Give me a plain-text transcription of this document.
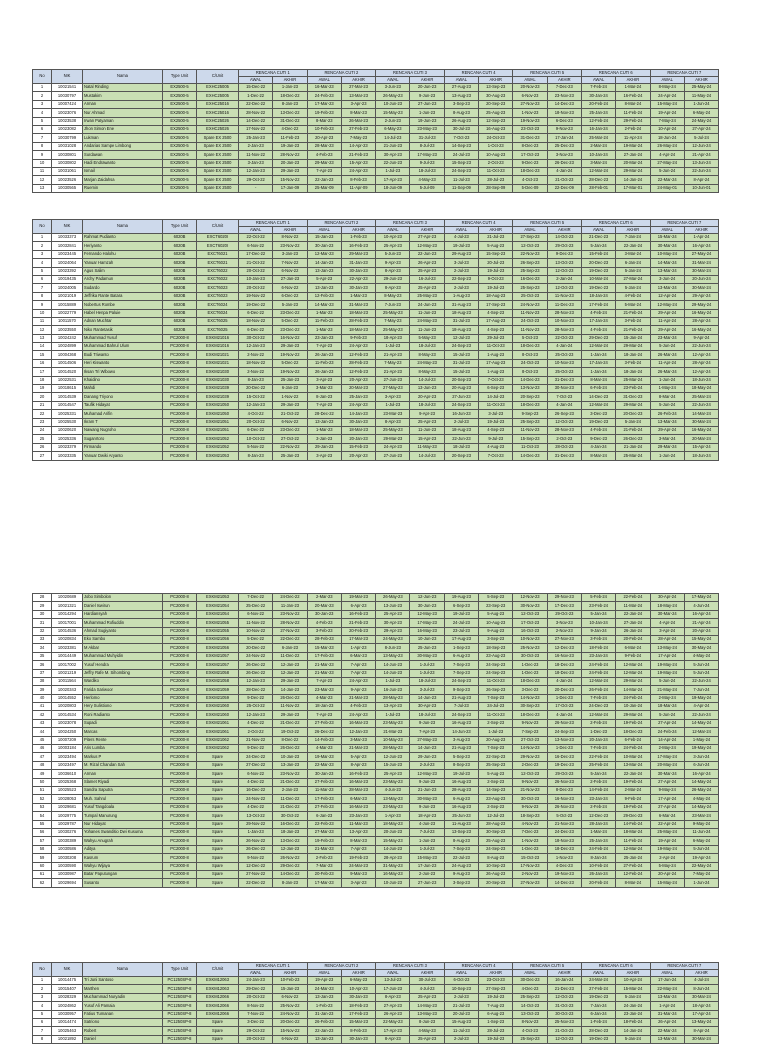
No	NIK	Nama	Type Unit	C/Unit	RENCANA CUTI 1		RENCANA CUTI 2		RENCANA CUTI 3		RENCANA CUTI 4		RENCANA CUTI 5		RENCANA CUTI 6		RENCANA CUTI 7	
					AWAL	AKHIR	AWAL	AKHIR	AWAL	AKHIR	AWAL	AKHIR	AWAL	AKHIR	AWAL	AKHIR	AWAL	AKHIR
1	10021541	Natal Rinding	EX2500-5	EXHC25005	15-Dec-22	1-Jan-23	16-Mar-23	27-Mar-23	3-Jun-23	20-Jun-23	27-Aug-23	13-Sep-23	20-Nov-23	7-Dec-23	7-Feb-24	1-Mar-24	8-May-24	25-May-24
2	10030797	Mustakim	EX2500-5	EXHC25005	1-Dec-22	18-Dec-22	24-Feb-23	13-Mar-23	26-May-23	9-Jun-23	13-Aug-23	30-Aug-23	6-Nov-23	23-Nov-23	30-Jan-24	16-Feb-24	24-Apr-24	11-May-24
3	10007424	Arman	EX2500-5	EXHC25016	22-Dec-22	8-Jan-23	17-Mar-23	3-Apr-23	10-Jun-23	27-Jun-23	3-Sep-23	20-Sep-23	27-Nov-23	14-Dec-23	20-Feb-24	8-Mar-24	15-May-24	1-Jun-24
4	10023076	Nur Ahmad	EX2500-5	EXHC25016	28-Nov-22	13-Dec-22	19-Feb-23	8-Mar-23	15-May-23	1-Jun-23	8-Aug-23	25-Aug-23	1-Nov-23	18-Nov-23	25-Jan-24	11-Feb-24	19-Apr-24	6-May-24
5	10023538	Irwan Patyaman	EX2500-5	EXHC25026	14-Dec-22	31-Dec-22	8-Mar-23	26-Mar-23	2-Jun-23	19-Jun-23	26-Aug-23	12-Sep-23	19-Nov-23	6-Dec-23	12-Feb-24	29-Feb-24	7-May-24	24-May-24
6	10023082	Jhon Simon Ene	EX2500-5	EXHC25026	17-Nov-22	4-Dec-22	10-Feb-23	27-Feb-23	6-May-23	23-May-23	30-Jul-23	16-Aug-23	23-Oct-23	9-Nov-23	16-Jan-24	2-Feb-24	10-Apr-24	27-Apr-24
7	10030799	Lukman	EX2500-5	Spare EX 2500	25-Jan-23	11-Feb-23	20-Apr-23	7-May-23	14-Jul-23	31-Jul-23	7-Oct-23	24-Oct-23	31-Dec-23	17-Jan-24	25-Mar-24	11-Apr-24	18-Jun-24	5-Jul-24
8	10031028	Andarias Sampe Limbong	EX2500-5	Spare EX 2500	2-Jan-23	19-Jan-23	28-Mar-23	14-Apr-23	21-Jun-23	8-Jul-23	14-Sep-23	1-Oct-23	8-Dec-23	25-Dec-23	2-Mar-24	19-Mar-24	26-May-24	12-Jun-24
9	10030801	Surdawan	EX2500-5	Spare EX 2500	11-Nov-22	28-Nov-22	4-Feb-23	21-Feb-23	30-Apr-23	17-May-23	24-Jul-23	10-Aug-23	17-Oct-23	3-Nov-23	10-Jan-24	27-Jan-24	4-Apr-24	21-Apr-24
10	10030802	Hadi Endrawanto	EX2500-5	Spare EX 2500	3-Jan-23	20-Jan-23	29-Mar-23	15-Apr-23	22-Jun-23	9-Jul-23	15-Sep-23	2-Oct-23	9-Dec-23	26-Dec-23	3-Mar-24	20-Mar-24	27-May-24	13-Jun-24
11	10031061	Ismail	EX2500-5	Spare EX 2500	12-Jan-23	29-Jan-23	7-Apr-23	24-Apr-23	1-Jul-23	18-Jul-23	24-Sep-23	11-Oct-23	18-Dec-23	4-Jan-24	12-Mar-24	29-Mar-24	5-Jun-24	22-Jun-24
12	10023526	Marjan Zaidahsa	EX2500-5	Spare EX 2500	29-Oct-22	15-Nov-22	22-Jan-23	8-Feb-23	17-Apr-23	4-May-23	11-Jul-23	28-Jul-23	4-Oct-23	21-Oct-23	28-Dec-23	14-Jan-24	22-Mar-24	8-Apr-24
13	10030565	Ruemin	EX2500-5	Spare EX 2500	-	17-Jan-09	25-Mar-09	11-Apr-09	18-Jun-09	5-Jul-09	11-Sep-09	28-Sep-09	5-Dec-09	22-Dec-09	28-Feb-01	17-Mar-01	24-May-01	10-Jun-01
No	NIK	Nama	Type Unit	C/Unit	RENCANA CUTI 1		RENCANA CUTI 2		RENCANA CUTI 3		RENCANA CUTI 4		RENCANA CUTI 5		RENCANA CUTI 6		RENCANA CUTI 7	
					AWAL	AKHIR	AWAL	AKHIR	AWAL	AKHIR	AWAL	AKHIR	AWAL	AKHIR	AWAL	AKHIR	AWAL	AKHIR
1	10033373	Rahmat Pudianto	6020B	EXCT6020I	22-Oct-22	8-Nov-22	15-Jan-23	1-Feb-23	10-Apr-23	27-Apr-23	4-Jul-23	21-Jul-23	27-Sep-23	14-Oct-23	21-Dec-23	7-Jan-24	15-Mar-24	1-Apr-24
2	10032841	Heriyanto	6020B	EXCT6020I	6-Nov-22	23-Nov-22	30-Jan-23	16-Feb-23	25-Apr-23	12-May-23	19-Jul-23	5-Aug-23	12-Oct-23	29-Oct-23	5-Jan-24	22-Jan-24	30-Mar-24	16-Apr-24
3	10023445	Fernando Halohu	6020B	EXCT6021	17-Dec-22	3-Jan-23	12-Mar-23	29-Mar-23	5-Jun-23	22-Jun-23	29-Aug-23	15-Sep-23	22-Nov-23	9-Dec-23	15-Feb-24	3-Mar-24	10-May-24	27-May-24
4	10024064	Yanuar Hamzah	6020B	EXCT6021	21-Oct-22	7-Nov-22	14-Jan-23	31-Jan-23	9-Apr-23	26-Apr-23	3-Jul-23	20-Jul-23	26-Sep-23	13-Oct-23	20-Dec-23	6-Jan-24	14-Mar-24	31-Mar-24
5	10023392	Agus Salim	6020B	EXCT6022	20-Oct-22	6-Nov-22	13-Jan-23	30-Jan-23	8-Apr-23	25-Apr-23	2-Jul-23	19-Jul-23	25-Sep-23	12-Oct-23	19-Dec-23	5-Jan-24	13-Mar-24	30-Mar-24
6	10019435	Archy Padamun	6020B	EXCT6022	10-Jan-23	27-Jan-23	5-Apr-23	22-Apr-23	29-Jun-23	16-Jul-23	22-Sep-23	9-Oct-23	16-Dec-23	2-Jan-24	10-Mar-24	27-Mar-24	3-Jun-24	20-Jun-24
7	10024005	Sudardo	6020B	EXCT6023	20-Oct-22	6-Nov-22	13-Jan-23	30-Jan-23	8-Apr-23	25-Apr-23	2-Jul-23	19-Jul-23	25-Sep-23	12-Oct-23	19-Dec-23	5-Jan-24	13-Mar-24	30-Mar-24
8	10021019	Jeffrika Rante Batara	6020B	EXCT6023	19-Nov-22	6-Dec-22	12-Feb-23	1-Mar-23	8-May-23	25-May-23	1-Aug-23	18-Aug-23	25-Oct-23	11-Nov-23	18-Jan-24	4-Feb-24	12-Apr-24	29-Apr-24
9	10015889	Nobertus Rombe	6020B	EXCT6024	19-Dec-22	5-Jan-23	14-Mar-23	31-Mar-23	7-Jun-23	24-Jun-23	31-Aug-23	17-Sep-23	24-Nov-23	11-Dec-23	17-Feb-24	5-Mar-24	12-May-24	29-May-24
10	10022779	Habel Henpa Paluie	6020B	EXCT6024	6-Dec-22	23-Dec-22	1-Mar-23	18-Mar-23	25-May-23	11-Jun-23	18-Aug-23	4-Sep-23	11-Nov-23	28-Nov-23	4-Feb-24	21-Feb-24	29-Apr-24	16-May-24
11	10011570	Adnan Muchtar	6020B	EXCT6025	18-Nov-22	5-Dec-22	11-Feb-23	28-Feb-23	7-May-23	24-May-23	31-Jul-23	17-Aug-23	24-Oct-23	10-Nov-23	17-Jan-24	3-Feb-24	11-Apr-24	28-Apr-24
12	10023550	Niko Rantetasik	6020B	EXCT6025	6-Dec-22	23-Dec-22	1-Mar-23	18-Mar-23	25-May-23	11-Jun-23	18-Aug-23	4-Sep-23	11-Nov-23	28-Nov-23	4-Feb-24	21-Feb-24	29-Apr-24	16-May-24
13	10024242	Muhammad Yusuf	PC2000-8	EXKM21016	30-Oct-22	16-Nov-22	23-Jan-23	9-Feb-23	18-Apr-23	5-May-23	12-Jul-23	29-Jul-23	5-Oct-23	22-Oct-23	29-Dec-23	15-Jan-24	23-Mar-24	9-Apr-24
14	10024899	Muhammad Bahrul Ulum	PC2000-8	EXKM21016	12-Jan-23	29-Jan-23	7-Apr-23	24-Apr-23	1-Jul-23	18-Jul-23	24-Sep-23	11-Oct-23	18-Dec-23	4-Jan-24	12-Mar-24	29-Mar-24	5-Jun-24	22-Jun-24
15	10004368	Budi Triwanto	PC2000-8	EXKM21021	2-Nov-22	19-Nov-22	26-Jan-23	12-Feb-23	21-Apr-23	8-May-23	15-Jul-23	1-Aug-23	8-Oct-23	25-Oct-23	1-Jan-24	18-Jan-24	26-Mar-24	12-Apr-24
16	10014506	Heri Kiswanto	PC2000-8	EXKM21021	18-Nov-22	5-Dec-22	11-Feb-23	28-Feb-23	7-May-23	24-May-23	31-Jul-23	17-Aug-23	24-Oct-23	10-Nov-23	17-Jan-24	3-Feb-24	11-Apr-24	28-Apr-24
17	10014520	Iksan Tri Wibowo	PC2000-8	EXKM21030	2-Nov-22	19-Nov-22	26-Jan-23	12-Feb-23	21-Apr-23	8-May-23	15-Jul-23	1-Aug-23	8-Oct-23	25-Oct-23	1-Jan-24	18-Jan-24	26-Mar-24	12-Apr-24
18	10022531	Khaidino	PC2000-8	EXKM21030	8-Jan-23	25-Jan-23	3-Apr-23	20-Apr-23	27-Jun-23	14-Jul-23	20-Sep-23	7-Oct-23	14-Dec-23	31-Dec-23	8-Mar-24	25-Mar-24	1-Jun-24	18-Jun-24
19	10018615	Mahdi	PC2000-8	EXKM21039	20-Dec-22	6-Jan-23	3-Mar-23	20-Mar-23	27-May-23	13-Jun-23	20-Aug-23	6-Sep-23	13-Nov-23	30-Nov-23	6-Feb-24	23-Feb-24	1-May-24	18-May-24
20	10014539	Danang Triyono	PC2000-8	EXKM21039	15-Oct-22	1-Nov-22	8-Jan-23	25-Jan-23	3-Apr-23	20-Apr-23	27-Jun-23	14-Jul-23	20-Sep-23	7-Oct-23	14-Dec-23	31-Dec-23	8-Mar-24	25-Mar-24
21	10014547	Taufik Hidayat	PC2000-8	EXKM21050	12-Jan-23	29-Jan-23	7-Apr-23	24-Apr-23	1-Jul-23	18-Jul-23	24-Sep-23	11-Oct-23	18-Dec-23	4-Jan-24	12-Mar-24	29-Mar-24	5-Jun-24	22-Jun-24
22	10025331	Muhamad Arifin	PC2000-8	EXKM21050	4-Oct-22	21-Oct-22	28-Dec-22	14-Jan-23	23-Mar-23	9-Apr-23	16-Jun-23	3-Jul-23	9-Sep-23	26-Sep-23	3-Dec-23	20-Dec-23	26-Feb-24	14-Mar-24
23	10025530	Ikram T	PC2000-8	EXKM21051	20-Oct-22	6-Nov-22	13-Jan-23	30-Jan-23	8-Apr-23	25-Apr-23	2-Jul-23	19-Jul-23	25-Sep-23	12-Oct-23	19-Dec-23	5-Jan-24	13-Mar-24	30-Mar-24
24	10020620	Nawang Nugroho	PC2000-8	EXKM21051	6-Dec-22	23-Dec-22	1-Mar-23	18-Mar-23	25-May-23	11-Jun-23	18-Aug-23	4-Sep-23	11-Nov-23	28-Nov-23	4-Feb-24	21-Feb-24	29-Apr-24	16-May-24
25	10025336	Suganrtoro	PC2000-8	EXKM21052	10-Oct-22	27-Oct-22	3-Jan-23	20-Jan-23	29-Mar-23	15-Apr-23	22-Jun-23	9-Jul-23	15-Sep-23	2-Oct-23	9-Dec-23	26-Dec-23	3-Mar-24	20-Mar-24
26	10023379	Firmando	PC2000-8	EXKM21052	5-Nov-22	22-Nov-22	29-Jan-23	15-Feb-23	24-Apr-23	11-May-23	18-Jul-23	4-Aug-23	11-Oct-23	28-Oct-23	4-Jan-24	21-Jan-24	29-Mar-24	15-Apr-24
27	10023335	Yanuar Dwiki Aryanto	PC2000-8	EXKM21053	8-Jan-23	25-Jan-23	3-Apr-23	20-Apr-23	27-Jun-23	14-Jul-23	20-Sep-23	7-Oct-23	14-Dec-23	31-Dec-23	8-Mar-24	25-Mar-24	1-Jun-24	18-Jun-24
28	10020689	Jobo Simbolon	PC2000-8	EXKM21053	7-Dec-22	24-Dec-22	2-Mar-23	19-Mar-23	26-May-23	12-Jun-23	19-Aug-23	5-Sep-23	12-Nov-23	29-Nov-23	5-Feb-24	22-Feb-24	30-Apr-24	17-May-24
29	10021321	Daniel Iswirun	PC2000-8	EXKM21054	25-Dec-22	11-Jan-23	20-Mar-23	6-Apr-23	13-Jun-23	30-Jun-23	6-Sep-23	23-Sep-23	30-Nov-23	17-Dec-23	23-Feb-24	11-Mar-24	18-May-24	4-Jun-24
30	10014294	Hardiansyah	PC2000-8	EXKM21054	6-Nov-22	23-Nov-22	30-Jan-23	16-Feb-23	25-Apr-23	12-May-23	19-Jul-23	5-Aug-23	12-Oct-23	29-Oct-23	5-Jan-24	22-Jan-24	30-Mar-24	16-Apr-24
31	10017001	Muhammad Rofiuddin	PC2000-8	EXKM21055	11-Nov-22	28-Nov-22	4-Feb-23	21-Feb-23	30-Apr-23	17-May-23	24-Jul-23	10-Aug-23	17-Oct-23	3-Nov-23	10-Jan-24	27-Jan-24	4-Apr-24	21-Apr-24
32	10014536	Ahmad Sugiyanto	PC2000-8	EXKM21055	10-Nov-22	27-Nov-22	3-Feb-23	20-Feb-23	29-Apr-23	16-May-23	23-Jul-23	9-Aug-23	16-Oct-23	2-Nov-23	9-Jan-24	26-Jan-24	3-Apr-24	20-Apr-24
33	10020834	Eko Sambo	PC2000-8	EXKM21056	5-Dec-22	22-Dec-22	28-Feb-23	17-Mar-23	24-May-23	10-Jun-23	17-Aug-23	3-Sep-23	10-Nov-23	27-Nov-23	3-Feb-24	20-Feb-24	28-Apr-24	15-May-24
34	10023381	M Akbar	PC2000-8	EXKM21056	20-Dec-22	6-Jan-23	15-Mar-23	1-Apr-23	8-Jun-23	25-Jun-23	1-Sep-23	18-Sep-23	25-Nov-23	12-Dec-23	18-Feb-24	6-Mar-24	13-May-24	30-May-24
35	10014449	Muhammad Muhyidin	PC2000-8	EXKM21057	24-Nov-22	11-Dec-22	17-Feb-23	6-Mar-23	13-May-23	30-May-23	6-Aug-23	23-Aug-23	30-Oct-23	16-Nov-23	23-Jan-24	9-Feb-24	17-Apr-24	4-May-24
36	10017002	Yusuf Hendra	PC2000-8	EXKM21057	26-Dec-22	12-Jan-23	21-Mar-23	7-Apr-23	14-Jun-23	1-Jul-23	7-Sep-23	24-Sep-23	1-Dec-23	18-Dec-23	24-Feb-24	12-Mar-24	19-May-24	5-Jun-24
37	10021219	Jeffry Rafe M. Sihombing	PC2000-8	EXKM21058	26-Dec-22	12-Jan-23	21-Mar-23	7-Apr-23	14-Jun-23	1-Jul-23	7-Sep-23	24-Sep-23	1-Dec-23	18-Dec-23	24-Feb-24	12-Mar-24	19-May-24	5-Jun-24
38	10011564	Wardiko	PC2000-8	EXKM21058	12-Jan-23	29-Jan-23	7-Apr-23	24-Apr-23	1-Jul-23	18-Jul-23	24-Sep-23	11-Oct-23	18-Dec-23	4-Jan-24	12-Mar-24	29-Mar-24	5-Jun-24	22-Jun-24
39	10020343	Farida Sariwoor	PC2000-8	EXKM21059	28-Dec-22	14-Jan-23	23-Mar-23	9-Apr-23	16-Jun-23	3-Jul-23	9-Sep-23	26-Sep-23	3-Dec-23	20-Dec-23	26-Feb-24	14-Mar-24	21-May-24	7-Jun-24
40	10014552	Herlomo	PC2000-8	EXKM21059	9-Dec-22	26-Dec-22	4-Mar-23	21-Mar-23	28-May-23	14-Jun-23	21-Aug-23	7-Sep-23	14-Nov-23	1-Dec-23	7-Feb-24	24-Feb-24	2-May-24	19-May-24
41	10020803	Hery Sulistiono	PC2000-8	EXKM21060	25-Oct-22	11-Nov-22	18-Jan-23	4-Feb-23	13-Apr-23	30-Apr-23	7-Jul-23	24-Jul-23	30-Sep-23	17-Oct-23	24-Dec-23	10-Jan-24	18-Mar-24	4-Apr-24
42	10014534	Roni Radianto	PC2000-8	EXKM21060	12-Jan-23	29-Jan-23	7-Apr-23	24-Apr-23	1-Jul-23	18-Jul-23	24-Sep-23	11-Oct-23	18-Dec-23	4-Jan-24	12-Mar-24	29-Mar-24	5-Jun-24	22-Jun-24
43	10023078	Supadi	PC2000-8	EXKM21061	4-Dec-22	21-Dec-22	27-Feb-23	16-Mar-23	23-May-23	9-Jun-23	16-Aug-23	2-Sep-23	9-Nov-23	26-Nov-23	2-Feb-24	19-Feb-24	27-Apr-24	14-May-24
44	10024250	Marcas	PC2000-8	EXKM21061	2-Oct-22	19-Oct-22	26-Dec-22	12-Jan-23	21-Mar-23	7-Apr-23	14-Jun-23	1-Jul-23	7-Sep-23	24-Sep-23	1-Dec-23	18-Dec-23	24-Feb-24	12-Mar-24
45	10007209	Piters Rente	PC2000-8	EXKM21062	21-Nov-22	8-Dec-22	14-Feb-23	3-Mar-23	10-May-23	27-May-23	3-Aug-23	20-Aug-23	27-Oct-23	13-Nov-23	20-Jan-24	6-Feb-24	14-Apr-24	1-May-24
46	10003184	Aris Lumba	PC2000-8	EXKM21062	9-Dec-22	26-Dec-22	4-Mar-23	21-Mar-23	28-May-23	14-Jun-23	21-Aug-23	7-Sep-23	14-Nov-23	1-Dec-23	7-Feb-24	24-Feb-24	2-May-24	19-May-24
47	10023494	Markus P	PC2000-8	Spare	24-Dec-22	10-Jan-23	19-Mar-23	5-Apr-23	12-Jun-23	29-Jun-23	5-Sep-23	22-Sep-23	29-Nov-23	16-Dec-23	22-Feb-24	10-Mar-24	17-May-24	3-Jun-24
48	10023497	M. Rizal Chandan Sah	PC2000-8	Spare	27-Dec-22	13-Jan-23	22-Mar-23	8-Apr-23	15-Jun-23	2-Jul-23	8-Sep-23	25-Sep-23	2-Dec-23	19-Dec-23	25-Feb-24	13-Mar-24	20-May-24	6-Jun-24
49	10036610	Arman	PC2000-8	Spare	6-Nov-22	23-Nov-22	30-Jan-23	16-Feb-23	25-Apr-23	12-May-23	19-Jul-23	5-Aug-23	12-Oct-23	29-Oct-23	5-Jan-24	22-Jan-24	30-Mar-24	16-Apr-24
50	10025368	Slamet Riyadi	PC2000-8	Spare	4-Dec-22	21-Dec-22	27-Feb-23	16-Mar-23	23-May-23	9-Jun-23	16-Aug-23	2-Sep-23	9-Nov-23	26-Nov-23	2-Feb-24	19-Feb-24	27-Apr-24	14-May-24
51	10025523	Sandra Saputra	PC2000-8	Spare	16-Dec-22	2-Jan-23	11-Mar-23	28-Mar-23	4-Jun-23	21-Jun-23	28-Aug-23	14-Sep-23	21-Nov-23	8-Dec-23	14-Feb-24	2-Mar-24	9-May-24	26-May-24
52	10028053	Muh. Sahrul	PC2000-8	Spare	24-Nov-22	11-Dec-22	17-Feb-23	6-Mar-23	13-May-23	30-May-23	6-Aug-23	23-Aug-23	30-Oct-23	16-Nov-23	23-Jan-24	9-Feb-24	17-Apr-24	4-May-24
53	10029681	Yusuf Tangdoala	PC2000-8	Spare	4-Dec-22	21-Dec-22	27-Feb-23	16-Mar-23	23-May-23	9-Jun-23	16-Aug-23	2-Sep-23	9-Nov-23	26-Nov-23	2-Feb-24	19-Feb-24	27-Apr-24	14-May-24
54	10029775	Tumpal Manurung	PC2000-8	Spare	13-Oct-22	30-Oct-22	6-Jan-23	23-Jan-23	1-Apr-23	18-Apr-23	25-Jun-23	12-Jul-23	18-Sep-23	5-Oct-23	12-Dec-23	29-Dec-23	6-Mar-24	23-Mar-24
55	10029787	Nur Hidayat	PC2000-8	Spare	29-Nov-22	16-Dec-22	22-Feb-23	11-Mar-23	18-May-23	4-Jun-23	11-Aug-23	28-Aug-23	4-Nov-23	21-Nov-23	28-Jan-24	14-Feb-24	22-Apr-24	9-May-24
56	10030276	Yohanes Swanditio Dwi Kusuma	PC2000-8	Spare	1-Jan-23	18-Jan-23	27-Mar-23	13-Apr-23	20-Jun-23	7-Jul-23	13-Sep-23	30-Sep-23	7-Dec-23	24-Dec-23	1-Mar-24	18-Mar-24	25-May-24	11-Jun-24
57	10030389	Wahyu Anugrah	PC2000-8	Spare	26-Nov-22	13-Dec-22	19-Feb-23	8-Mar-23	15-May-23	1-Jun-23	8-Aug-23	25-Aug-23	1-Nov-23	18-Nov-23	25-Jan-24	11-Feb-24	19-Apr-24	6-May-24
58	10030586	Aditya	PC2000-8	Spare	26-Dec-22	12-Jan-23	21-Mar-23	7-Apr-23	14-Jun-23	1-Jul-23	7-Sep-23	24-Sep-23	1-Dec-23	18-Dec-23	24-Feb-24	12-Mar-24	19-May-24	5-Jun-24
59	10030208	Kasrum	PC2000-8	Spare	9-Nov-22	26-Nov-22	2-Feb-23	19-Feb-23	28-Apr-23	15-May-23	22-Jul-23	8-Aug-23	15-Oct-23	1-Nov-23	8-Jan-24	25-Jan-24	2-Apr-24	19-Apr-24
60	10030590	Wahyu Wijaya	PC2000-8	Spare	12-Dec-22	29-Dec-22	7-Mar-23	24-Mar-23	31-May-23	17-Jun-23	24-Aug-23	10-Sep-23	17-Nov-23	4-Dec-23	10-Feb-24	27-Feb-24	5-May-24	22-May-24
61	10030987	Batar Paputungan	PC2000-8	Spare	27-Nov-22	14-Dec-22	20-Feb-23	9-Mar-23	16-May-23	2-Jun-23	9-Aug-23	26-Aug-23	2-Nov-23	19-Nov-23	26-Jan-24	12-Feb-24	20-Apr-24	7-May-24
62	10029694	Susanto	PC2000-8	Spare	22-Dec-22	8-Jan-23	17-Mar-23	3-Apr-23	10-Jun-23	27-Jun-23	3-Sep-23	20-Sep-23	27-Nov-23	14-Dec-23	20-Feb-24	8-Mar-24	15-May-24	1-Jun-24
No	NIK	Nama	Type Unit	C/Unit	RENCANA CUTI 1		RENCANA CUTI 2		RENCANA CUTI 3		RENCANA CUTI 4		RENCANA CUTI 5		RENCANA CUTI 6		RENCANA CUTI 7	
					AWAL	AKHIR	AWAL	AKHIR	AWAL	AKHIR	AWAL	AKHIR	AWAL	AKHIR	AWAL	AKHIR	AWAL	AKHIR
1	10014475	Tri Juni Santoso	PC1250SP-8	EXKM12063	24-Jan-23	10-Feb-23	19-Apr-23	6-May-23	13-Jul-23	30-Jul-23	6-Oct-23	23-Oct-23	30-Dec-23	16-Jan-24	24-Mar-24	10-Apr-24	17-Jun-24	4-Jul-24
2	10015407	Marthen	PC1250SP-8	EXKM12063	29-Dec-22	15-Jan-23	24-Mar-23	10-Apr-23	17-Jun-23	4-Jul-23	10-Sep-23	27-Sep-23	4-Dec-23	21-Dec-23	27-Feb-24	15-Mar-24	22-May-24	8-Jun-24
3	10028329	Muchammad Nuryadin	PC1250SP-8	EXKM12066	20-Oct-22	6-Nov-22	13-Jan-23	30-Jan-23	8-Apr-23	25-Apr-23	2-Jul-23	19-Jul-23	25-Sep-23	12-Oct-23	19-Dec-23	5-Jan-24	13-Mar-24	30-Mar-24
4	10024862	Yusuf Ali Pamaia	PC1250SP-8	EXKM12066	8-Nov-22	25-Nov-22	1-Feb-23	18-Feb-23	27-Apr-23	14-May-23	21-Jul-23	7-Aug-23	14-Oct-23	31-Oct-23	7-Jan-24	24-Jan-24	1-Apr-24	18-Apr-24
5	10030957	Fatius Tumanan	PC1250SP-8	EXKM12066	7-Nov-22	24-Nov-22	31-Jan-23	17-Feb-23	26-Apr-23	13-May-23	20-Jul-23	6-Aug-23	13-Oct-23	30-Oct-23	6-Jan-24	23-Jan-24	31-Mar-24	17-Apr-24
6	10014474	Satriono	PC1250SP-8	Spare	3-Dec-22	20-Dec-22	26-Feb-23	15-Mar-23	22-May-23	8-Jun-23	15-Aug-23	1-Sep-23	8-Nov-23	25-Nov-23	1-Feb-24	18-Feb-24	26-Apr-24	13-May-24
7	10025463	Robert	PC1250SP-8	Spare	29-Oct-22	15-Nov-22	22-Jan-23	8-Feb-23	17-Apr-23	4-May-23	11-Jul-23	28-Jul-23	4-Oct-23	21-Oct-23	28-Dec-23	14-Jan-24	22-Mar-24	8-Apr-24
8	10021892	Daniel	PC1250SP-8	Spare	20-Oct-22	6-Nov-22	13-Jan-23	30-Jan-23	8-Apr-23	25-Apr-23	2-Jul-23	19-Jul-23	25-Sep-23	12-Oct-23	19-Dec-23	5-Jan-24	13-Mar-24	30-Mar-24
